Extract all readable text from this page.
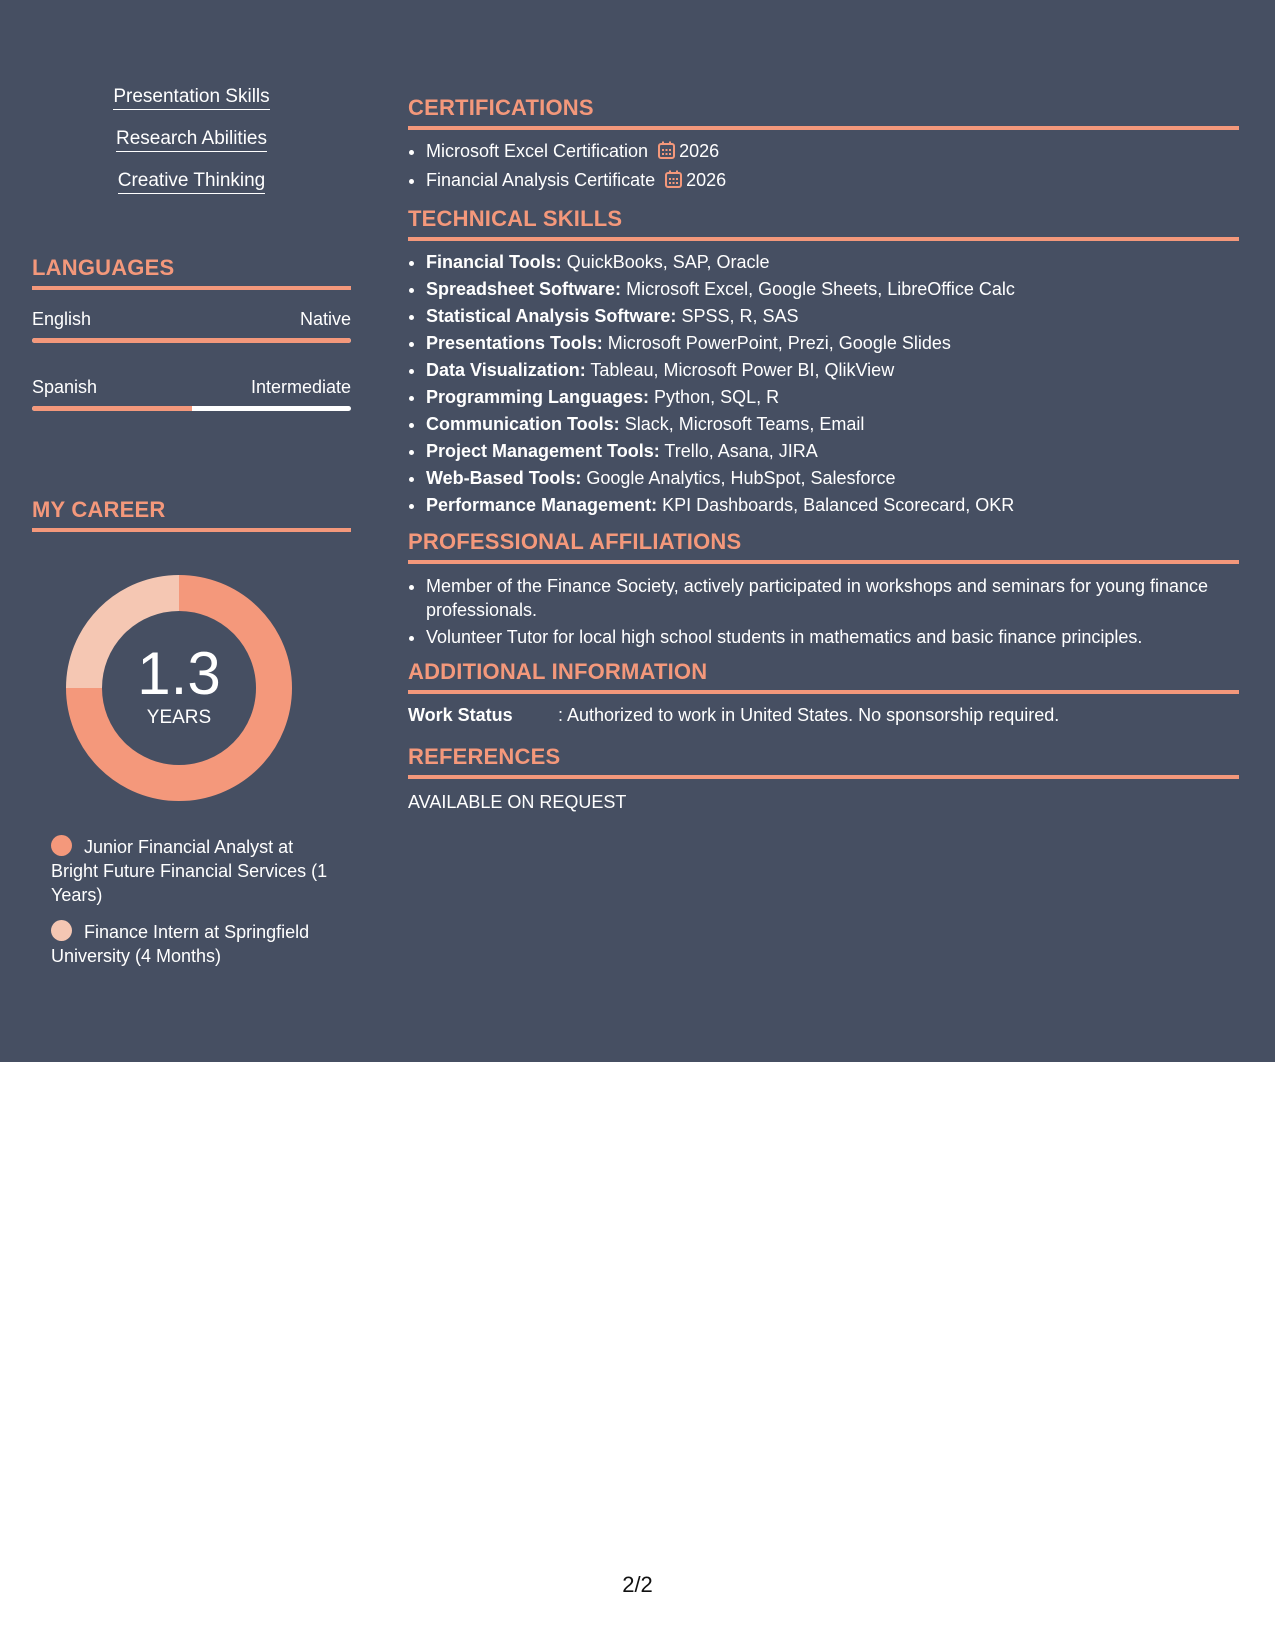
Presentation Skills
Research Abilities
Creative Thinking
LANGUAGES
English	Native
Spanish	Intermediate
MY CAREER
1.3
YEARS
Junior Financial Analyst at Bright Future Financial Services (1 Years)
Finance Intern at Springfield University (4 Months)
CERTIFICATIONS
• Microsoft Excel Certification 2026
• Financial Analysis Certificate 2026
TECHNICAL SKILLS
• Financial Tools: QuickBooks, SAP, Oracle
• Spreadsheet Software: Microsoft Excel, Google Sheets, LibreOffice Calc
• Statistical Analysis Software: SPSS, R, SAS
• Presentations Tools: Microsoft PowerPoint, Prezi, Google Slides
• Data Visualization: Tableau, Microsoft Power BI, QlikView
• Programming Languages: Python, SQL, R
• Communication Tools: Slack, Microsoft Teams, Email
• Project Management Tools: Trello, Asana, JIRA
• Web-Based Tools: Google Analytics, HubSpot, Salesforce
• Performance Management: KPI Dashboards, Balanced Scorecard, OKR
PROFESSIONAL AFFILIATIONS
• Member of the Finance Society, actively participated in workshops and seminars for young finance professionals.
• Volunteer Tutor for local high school students in mathematics and basic finance principles.
ADDITIONAL INFORMATION
Work Status	: Authorized to work in United States. No sponsorship required.
REFERENCES
AVAILABLE ON REQUEST
2/2
